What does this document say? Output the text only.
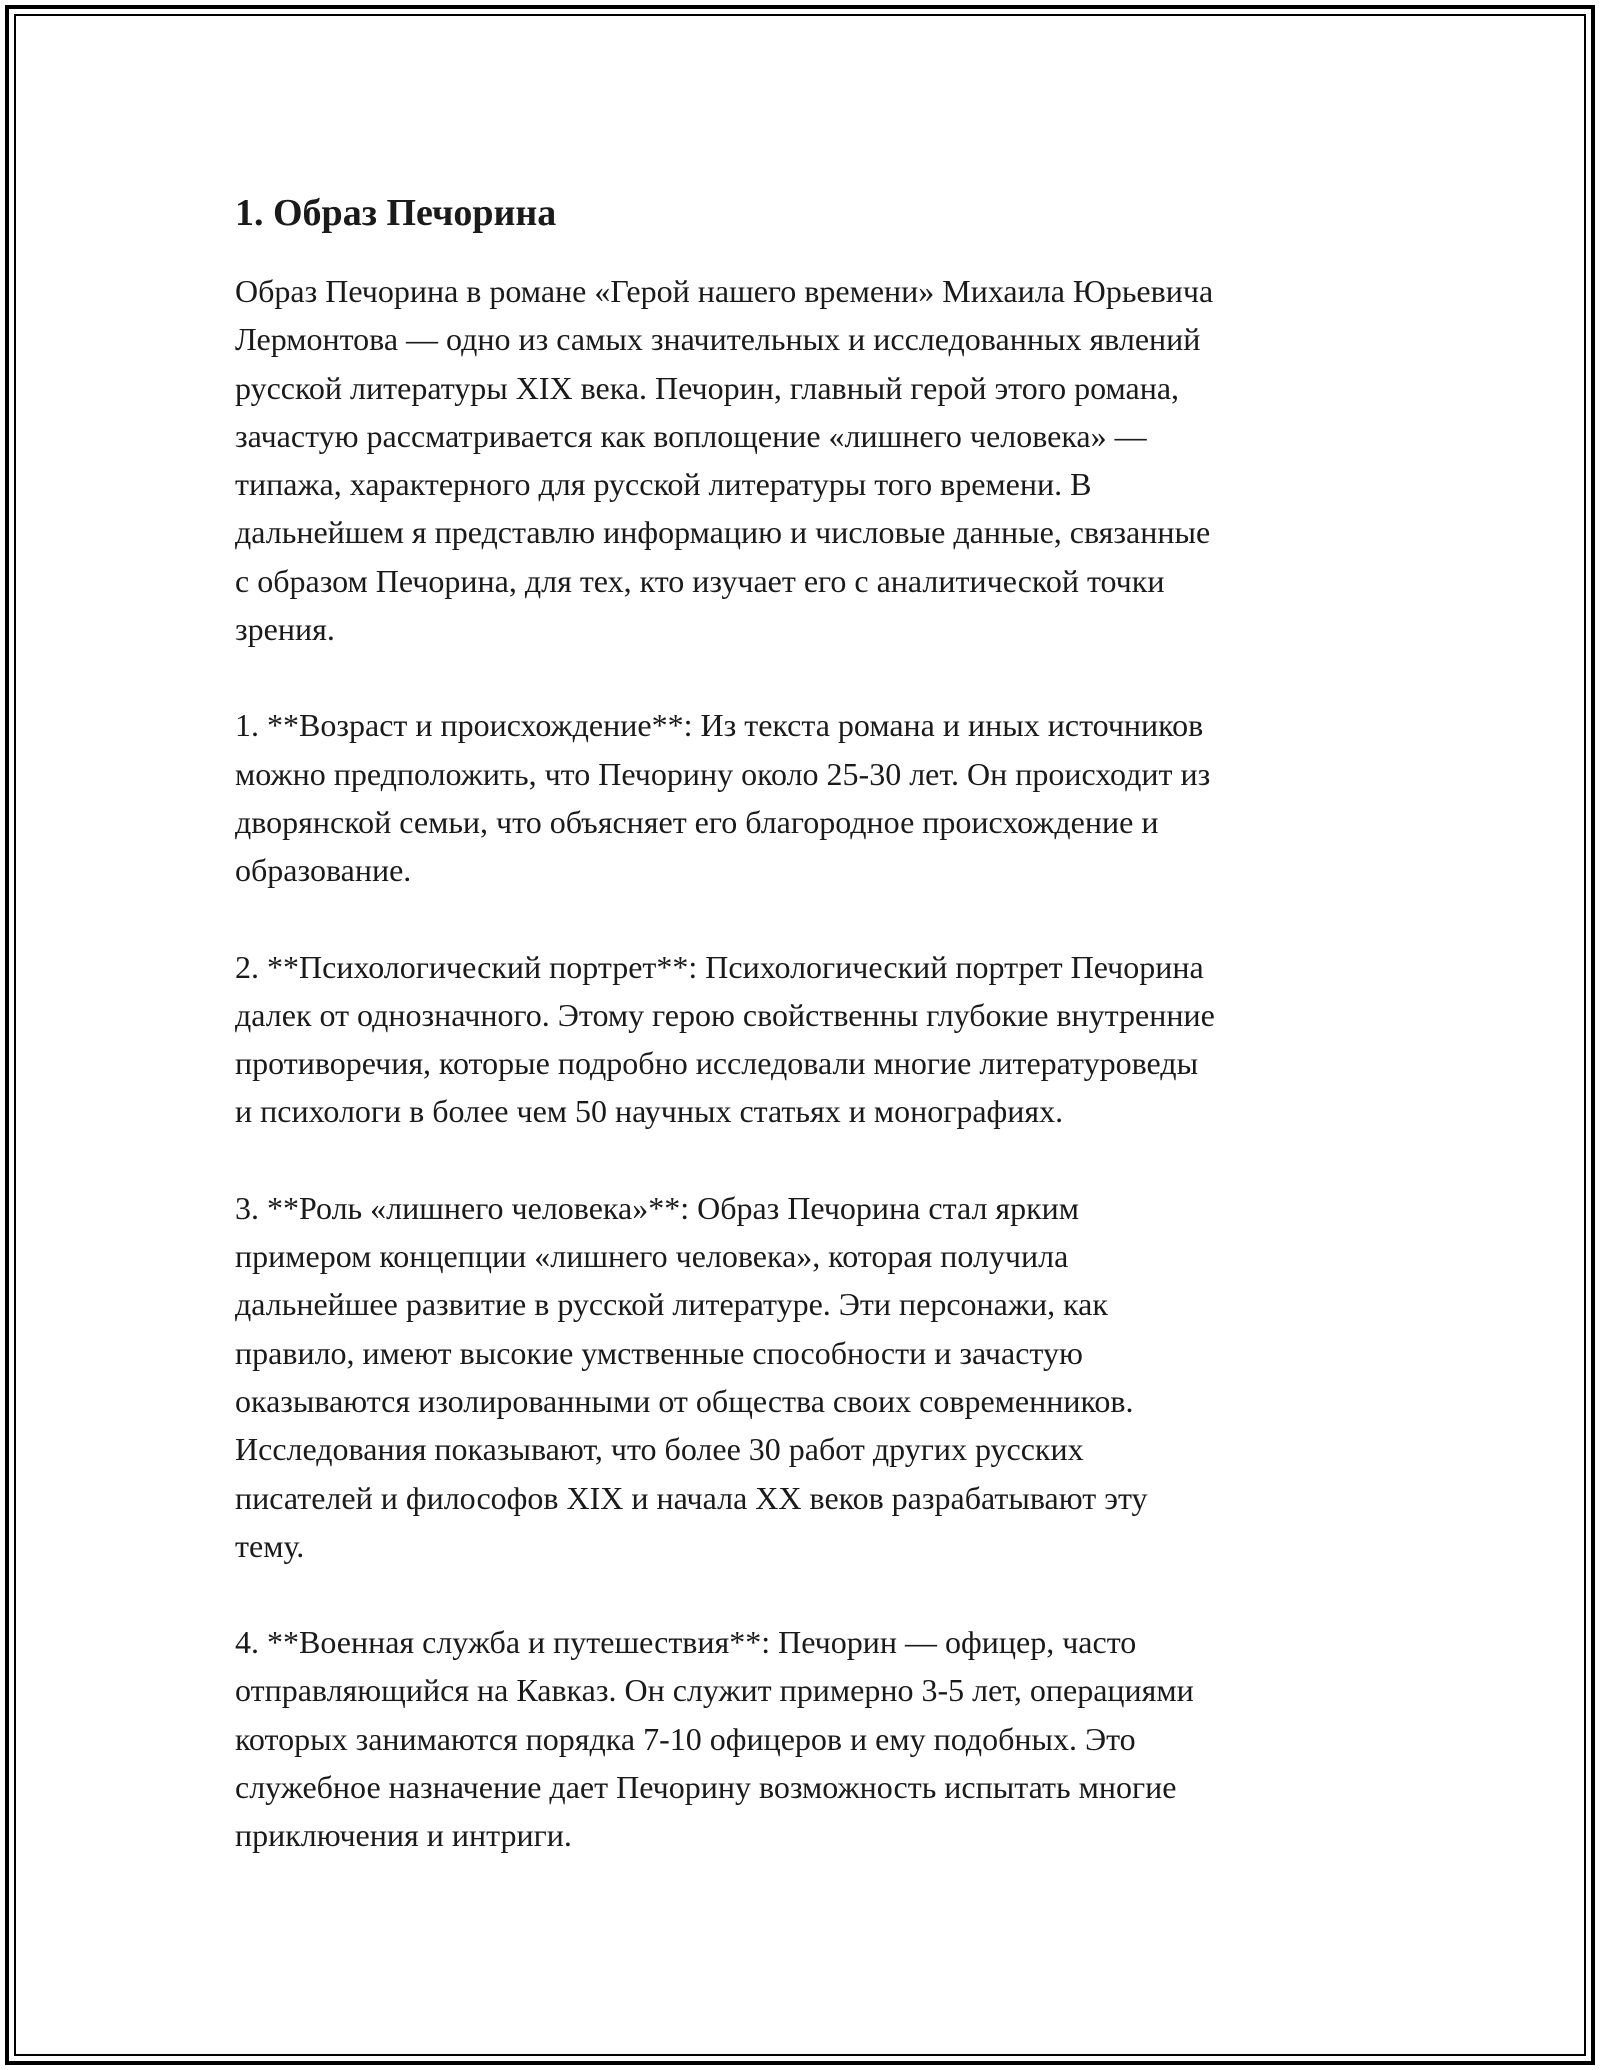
1. Образ Печорина

Образ Печорина в романе «Герой нашего времени» Михаила Юрьевича
Лермонтова — одно из самых значительных и исследованных явлений
русской литературы XIX века. Печорин, главный герой этого романа,
зачастую рассматривается как воплощение «лишнего человека» —
типажа, характерного для русской литературы того времени. В
дальнейшем я представлю информацию и числовые данные, связанные
с образом Печорина, для тех, кто изучает его с аналитической точки
зрения.

1. **Возраст и происхождение**: Из текста романа и иных источников
можно предположить, что Печорину около 25-30 лет. Он происходит из
дворянской семьи, что объясняет его благородное происхождение и
образование.

2. **Психологический портрет**: Психологический портрет Печорина
далек от однозначного. Этому герою свойственны глубокие внутренние
противоречия, которые подробно исследовали многие литературоведы
и психологи в более чем 50 научных статьях и монографиях.

3. **Роль «лишнего человека»**: Образ Печорина стал ярким
примером концепции «лишнего человека», которая получила
дальнейшее развитие в русской литературе. Эти персонажи, как
правило, имеют высокие умственные способности и зачастую
оказываются изолированными от общества своих современников.
Исследования показывают, что более 30 работ других русских
писателей и философов XIX и начала XX веков разрабатывают эту
тему.

4. **Военная служба и путешествия**: Печорин — офицер, часто
отправляющийся на Кавказ. Он служит примерно 3-5 лет, операциями
которых занимаются порядка 7-10 офицеров и ему подобных. Это
служебное назначение дает Печорину возможность испытать многие
приключения и интриги.
